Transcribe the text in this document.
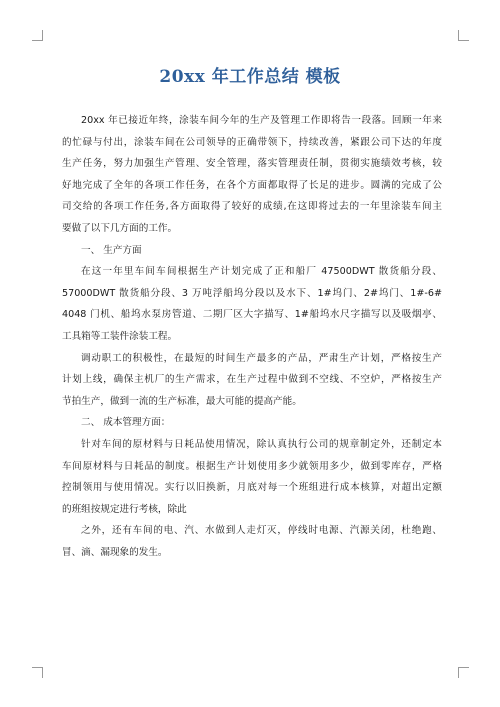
20xx 年工作总结 模板
20xx 年已接近年终，涂装车间今年的生产及管理工作即将告一段落。回顾一年来
的忙碌与付出，涂装车间在公司领导的正确带领下，持续改善，紧跟公司下达的年度
生产任务，努力加强生产管理、安全管理，落实管理责任制，贯彻实施绩效考核，较
好地完成了全年的各项工作任务，在各个方面都取得了长足的进步。圆满的完成了公
司交给的各项工作任务,各方面取得了较好的成绩,在这即将过去的一年里涂装车间主
要做了以下几方面的工作。
一、 生产方面
在这一年里车间车间根据生产计划完成了正和船厂 47500DWT 散货船分段、
57000DWT 散货船分段、3 万吨浮船坞分段以及水下、1#坞门、2#坞门、1#-6#
4048 门机、船坞水泵房管道、二期厂区大字描写、1#船坞水尺字描写以及吸烟亭、
工具箱等工装件涂装工程。
调动职工的积极性，在最短的时间生产最多的产品，严肃生产计划，严格按生产
计划上线，确保主机厂的生产需求，在生产过程中做到不空线、不空炉，严格按生产
节拍生产，做到一流的生产标准，最大可能的提高产能。
二、 成本管理方面：
针对车间的原材料与日耗品使用情况，除认真执行公司的规章制定外，还制定本
车间原材料与日耗品的制度。根据生产计划使用多少就领用多少，做到零库存，严格
控制领用与使用情况。实行以旧换新，月底对每一个班组进行成本核算，对超出定额
的班组按规定进行考核，除此
之外，还有车间的电、汽、水做到人走灯灭，停线时电源、汽源关闭，杜绝跑、
冒、滴、漏现象的发生。
